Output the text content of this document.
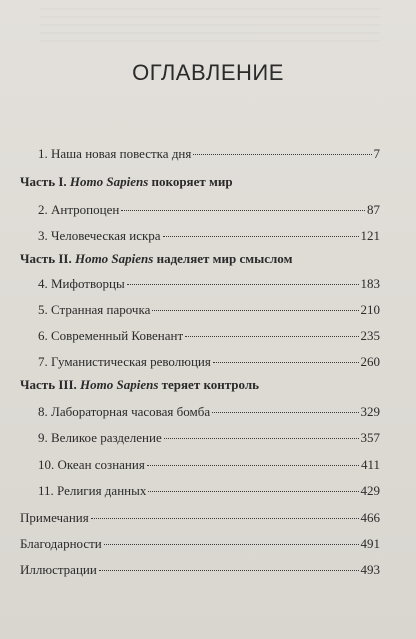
ОГЛАВЛЕНИЕ
1. Наша новая повестка дня	7
Часть I. Homo Sapiens покоряет мир
2. Антропоцен	87
3. Человеческая искра	121
Часть II. Homo Sapiens наделяет мир смыслом
4. Мифотворцы	183
5. Странная парочка	210
6. Современный Ковенант	235
7. Гуманистическая революция	260
Часть III. Homo Sapiens теряет контроль
8. Лабораторная часовая бомба	329
9. Великое разделение	357
10. Океан сознания	411
11. Религия данных	429
Примечания	466
Благодарности	491
Иллюстрации	493
